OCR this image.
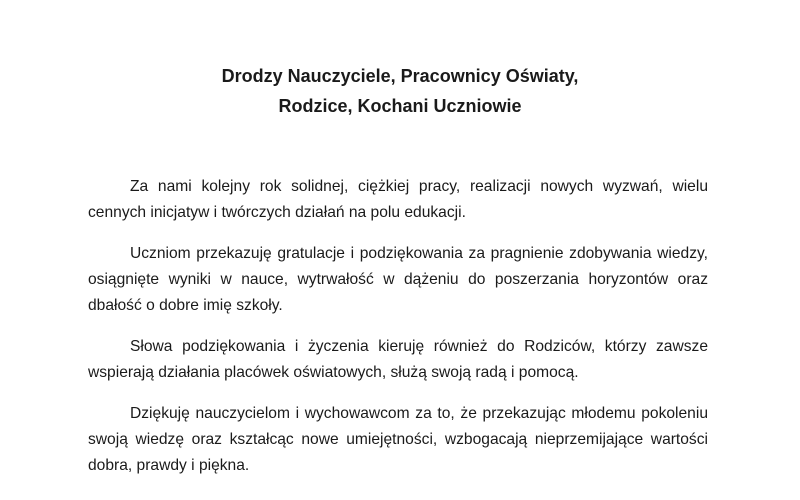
Drodzy Nauczyciele, Pracownicy Oświaty,
Rodzice, Kochani Uczniowie

Za nami kolejny rok solidnej, ciężkiej pracy, realizacji nowych wyzwań, wielu cennych inicjatyw i twórczych działań na polu edukacji.

Uczniom przekazuję gratulacje i podziękowania za pragnienie zdobywania wiedzy, osiągnięte wyniki w nauce, wytrwałość w dążeniu do poszerzania horyzontów oraz dbałość o dobre imię szkoły.

Słowa podziękowania i życzenia kieruję również do Rodziców, którzy zawsze wspierają działania placówek oświatowych, służą swoją radą i pomocą.

Dziękuję nauczycielom i wychowawcom za to, że przekazując młodemu pokoleniu swoją wiedzę oraz kształcąc nowe umiejętności, wzbogacają nieprzemijające wartości dobra, prawdy i piękna.
